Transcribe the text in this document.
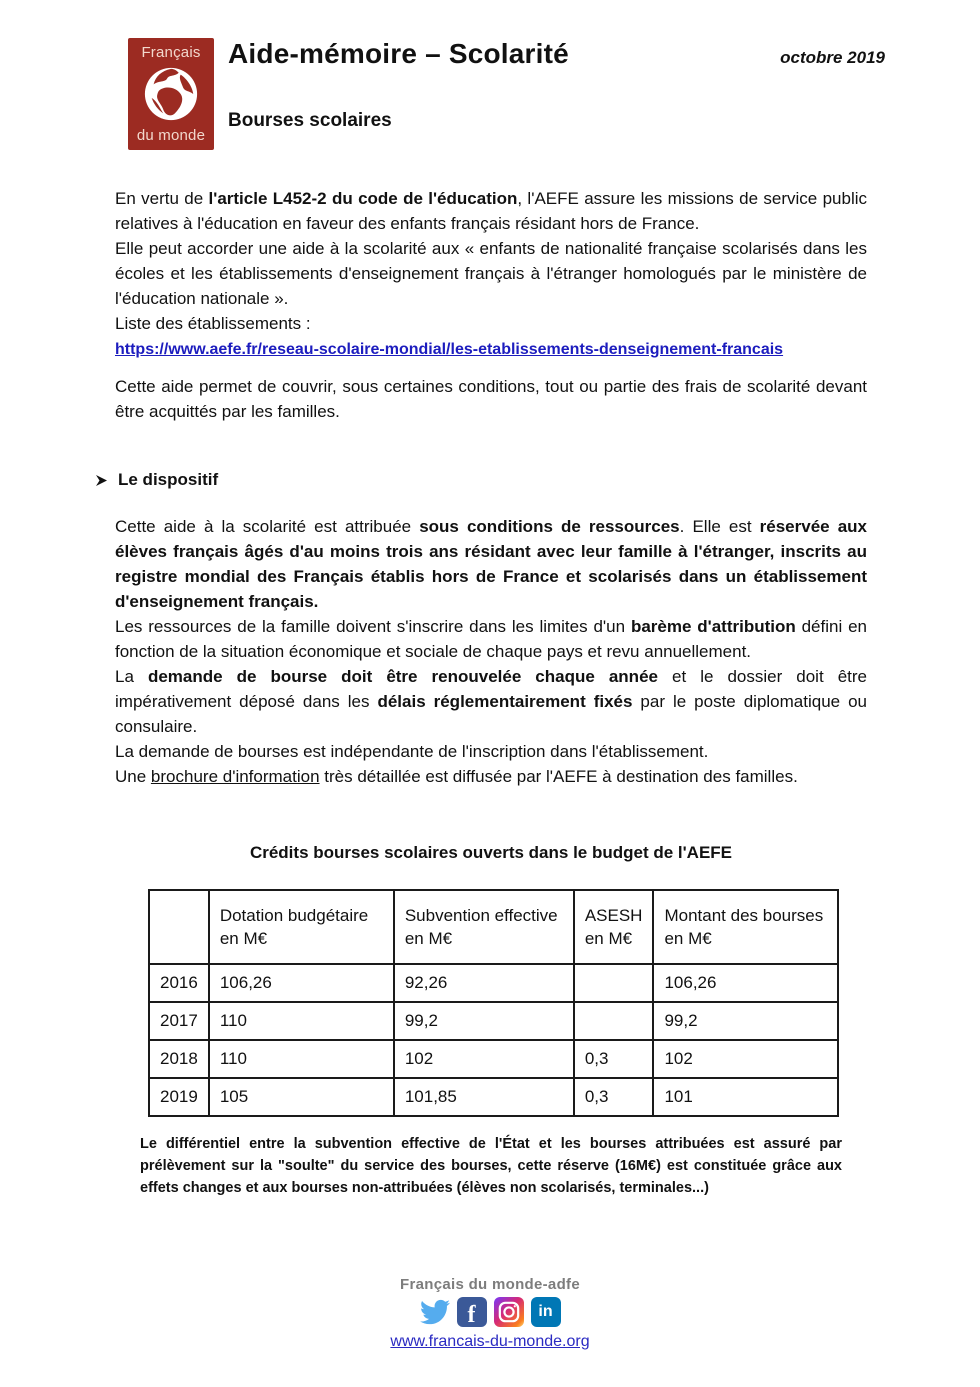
Français
du monde
Aide-mémoire – Scolarité
Bourses scolaires
octobre 2019

En vertu de l'article L452-2 du code de l'éducation, l'AEFE assure les missions de service public relatives à l'éducation en faveur des enfants français résidant hors de France.

Elle peut accorder une aide à la scolarité aux « enfants de nationalité française scolarisés dans les écoles et les établissements d'enseignement français à l'étranger homologués par le ministère de l'éducation nationale ».

Liste des établissements :

https://www.aefe.fr/reseau-scolaire-mondial/les-etablissements-denseignement-francais

Cette aide permet de couvrir, sous certaines conditions, tout ou partie des frais de scolarité devant être acquittés par les familles.

Le dispositif

Cette aide à la scolarité est attribuée sous conditions de ressources. Elle est réservée aux élèves français âgés d'au moins trois ans résidant avec leur famille à l'étranger, inscrits au registre mondial des Français établis hors de France et scolarisés dans un établissement d'enseignement français.

Les ressources de la famille doivent s'inscrire dans les limites d'un barème d'attribution défini en fonction de la situation économique et sociale de chaque pays et revu annuellement.

La demande de bourse doit être renouvelée chaque année et le dossier doit être impérativement déposé dans les délais réglementairement fixés par le poste diplomatique ou consulaire.

La demande de bourses est indépendante de l'inscription dans l'établissement.

Une brochure d'information très détaillée est diffusée par l'AEFE à destination des familles.

Crédits bourses scolaires ouverts dans le budget de l'AEFE
	Dotation budgétaire en M€	Subvention effective en M€	ASESH en M€	Montant des bourses en M€
2016	106,26	92,26		106,26
2017	110	99,2		99,2
2018	110	102	0,3	102
2019	105	101,85	0,3	101

Le différentiel entre la subvention effective de l'État et les bourses attribuées est assuré par prélèvement sur la "soulte" du service des bourses, cette réserve (16M€) est constituée grâce aux effets changes et aux bourses non-attribuées (élèves non scolarisés, terminales...)

Français du monde-adfe
f	in
www.francais-du-monde.org
